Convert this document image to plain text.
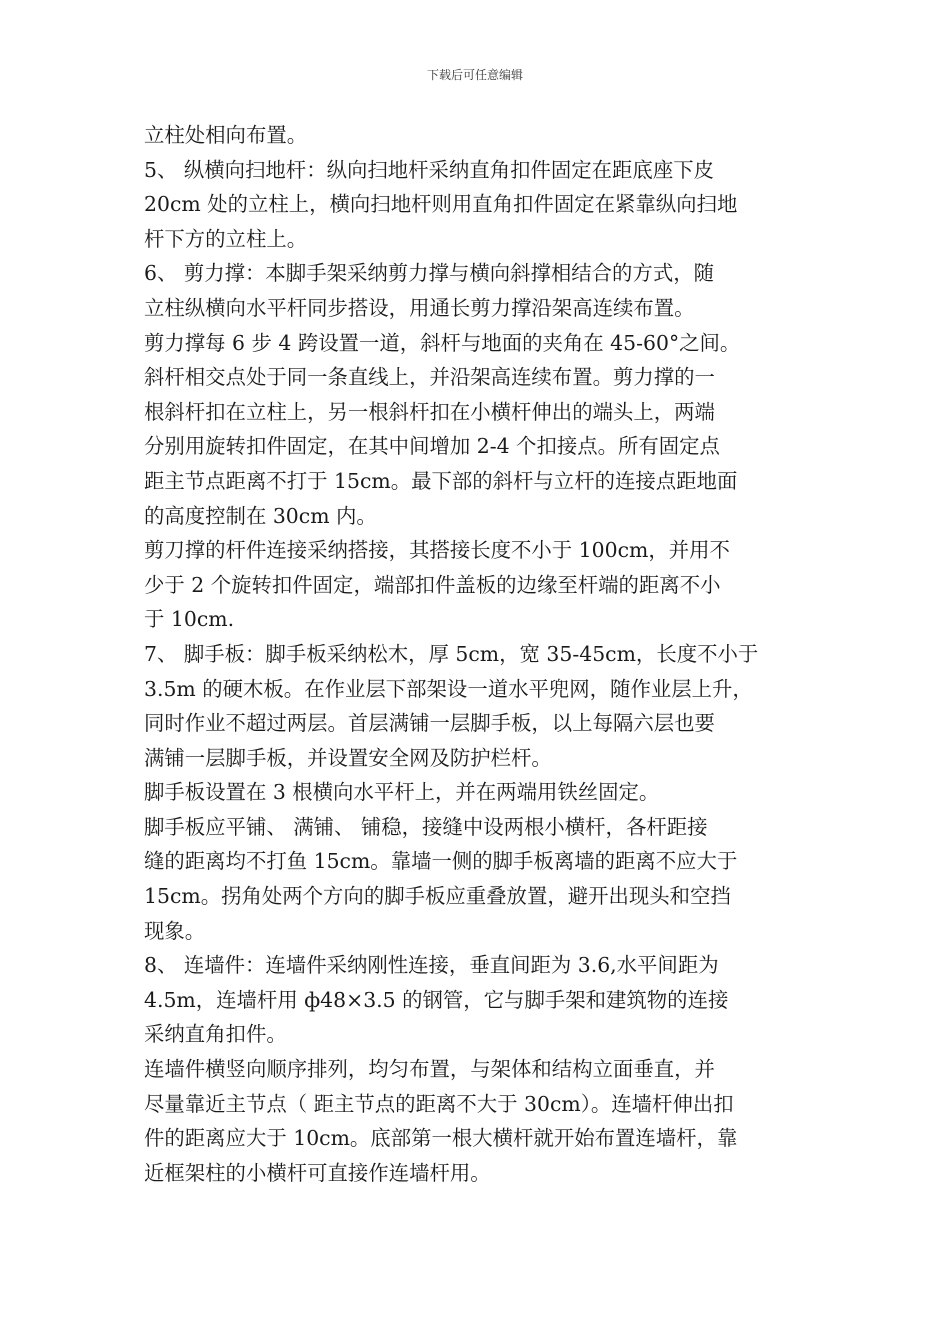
下载后可任意编辑
立柱处相向布置。
5、 纵横向扫地杆：纵向扫地杆采纳直角扣件固定在距底座下皮
20cm 处的立柱上，横向扫地杆则用直角扣件固定在紧靠纵向扫地
杆下方的立柱上。
6、 剪力撑：本脚手架采纳剪力撑与横向斜撑相结合的方式，随
立柱纵横向水平杆同步搭设，用通长剪力撑沿架高连续布置。
剪力撑每 6 步 4 跨设置一道，斜杆与地面的夹角在 45-60°之间。
斜杆相交点处于同一条直线上，并沿架高连续布置。剪力撑的一
根斜杆扣在立柱上，另一根斜杆扣在小横杆伸出的端头上，两端
分别用旋转扣件固定，在其中间增加 2-4 个扣接点。所有固定点
距主节点距离不打于 15cm。最下部的斜杆与立杆的连接点距地面
的高度控制在 30cm 内。
剪刀撑的杆件连接采纳搭接，其搭接长度不小于 100cm，并用不
少于 2 个旋转扣件固定，端部扣件盖板的边缘至杆端的距离不小
于 10cm.
7、 脚手板：脚手板采纳松木，厚 5cm，宽 35-45cm，长度不小于
3.5m 的硬木板。在作业层下部架设一道水平兜网，随作业层上升，
同时作业不超过两层。首层满铺一层脚手板，以上每隔六层也要
满铺一层脚手板，并设置安全网及防护栏杆。
脚手板设置在 3 根横向水平杆上，并在两端用铁丝固定。
脚手板应平铺、 满铺、 铺稳，接缝中设两根小横杆，各杆距接
缝的距离均不打鱼 15cm。靠墙一侧的脚手板离墙的距离不应大于
15cm。拐角处两个方向的脚手板应重叠放置，避开出现头和空挡
现象。
8、 连墙件：连墙件采纳刚性连接，垂直间距为 3.6,水平间距为
4.5m，连墙杆用 ф48×3.5 的钢管，它与脚手架和建筑物的连接
采纳直角扣件。
连墙件横竖向顺序排列，均匀布置，与架体和结构立面垂直，并
尽量靠近主节点（ 距主节点的距离不大于 30cm）。连墙杆伸出扣
件的距离应大于 10cm。底部第一根大横杆就开始布置连墙杆，靠
近框架柱的小横杆可直接作连墙杆用。
